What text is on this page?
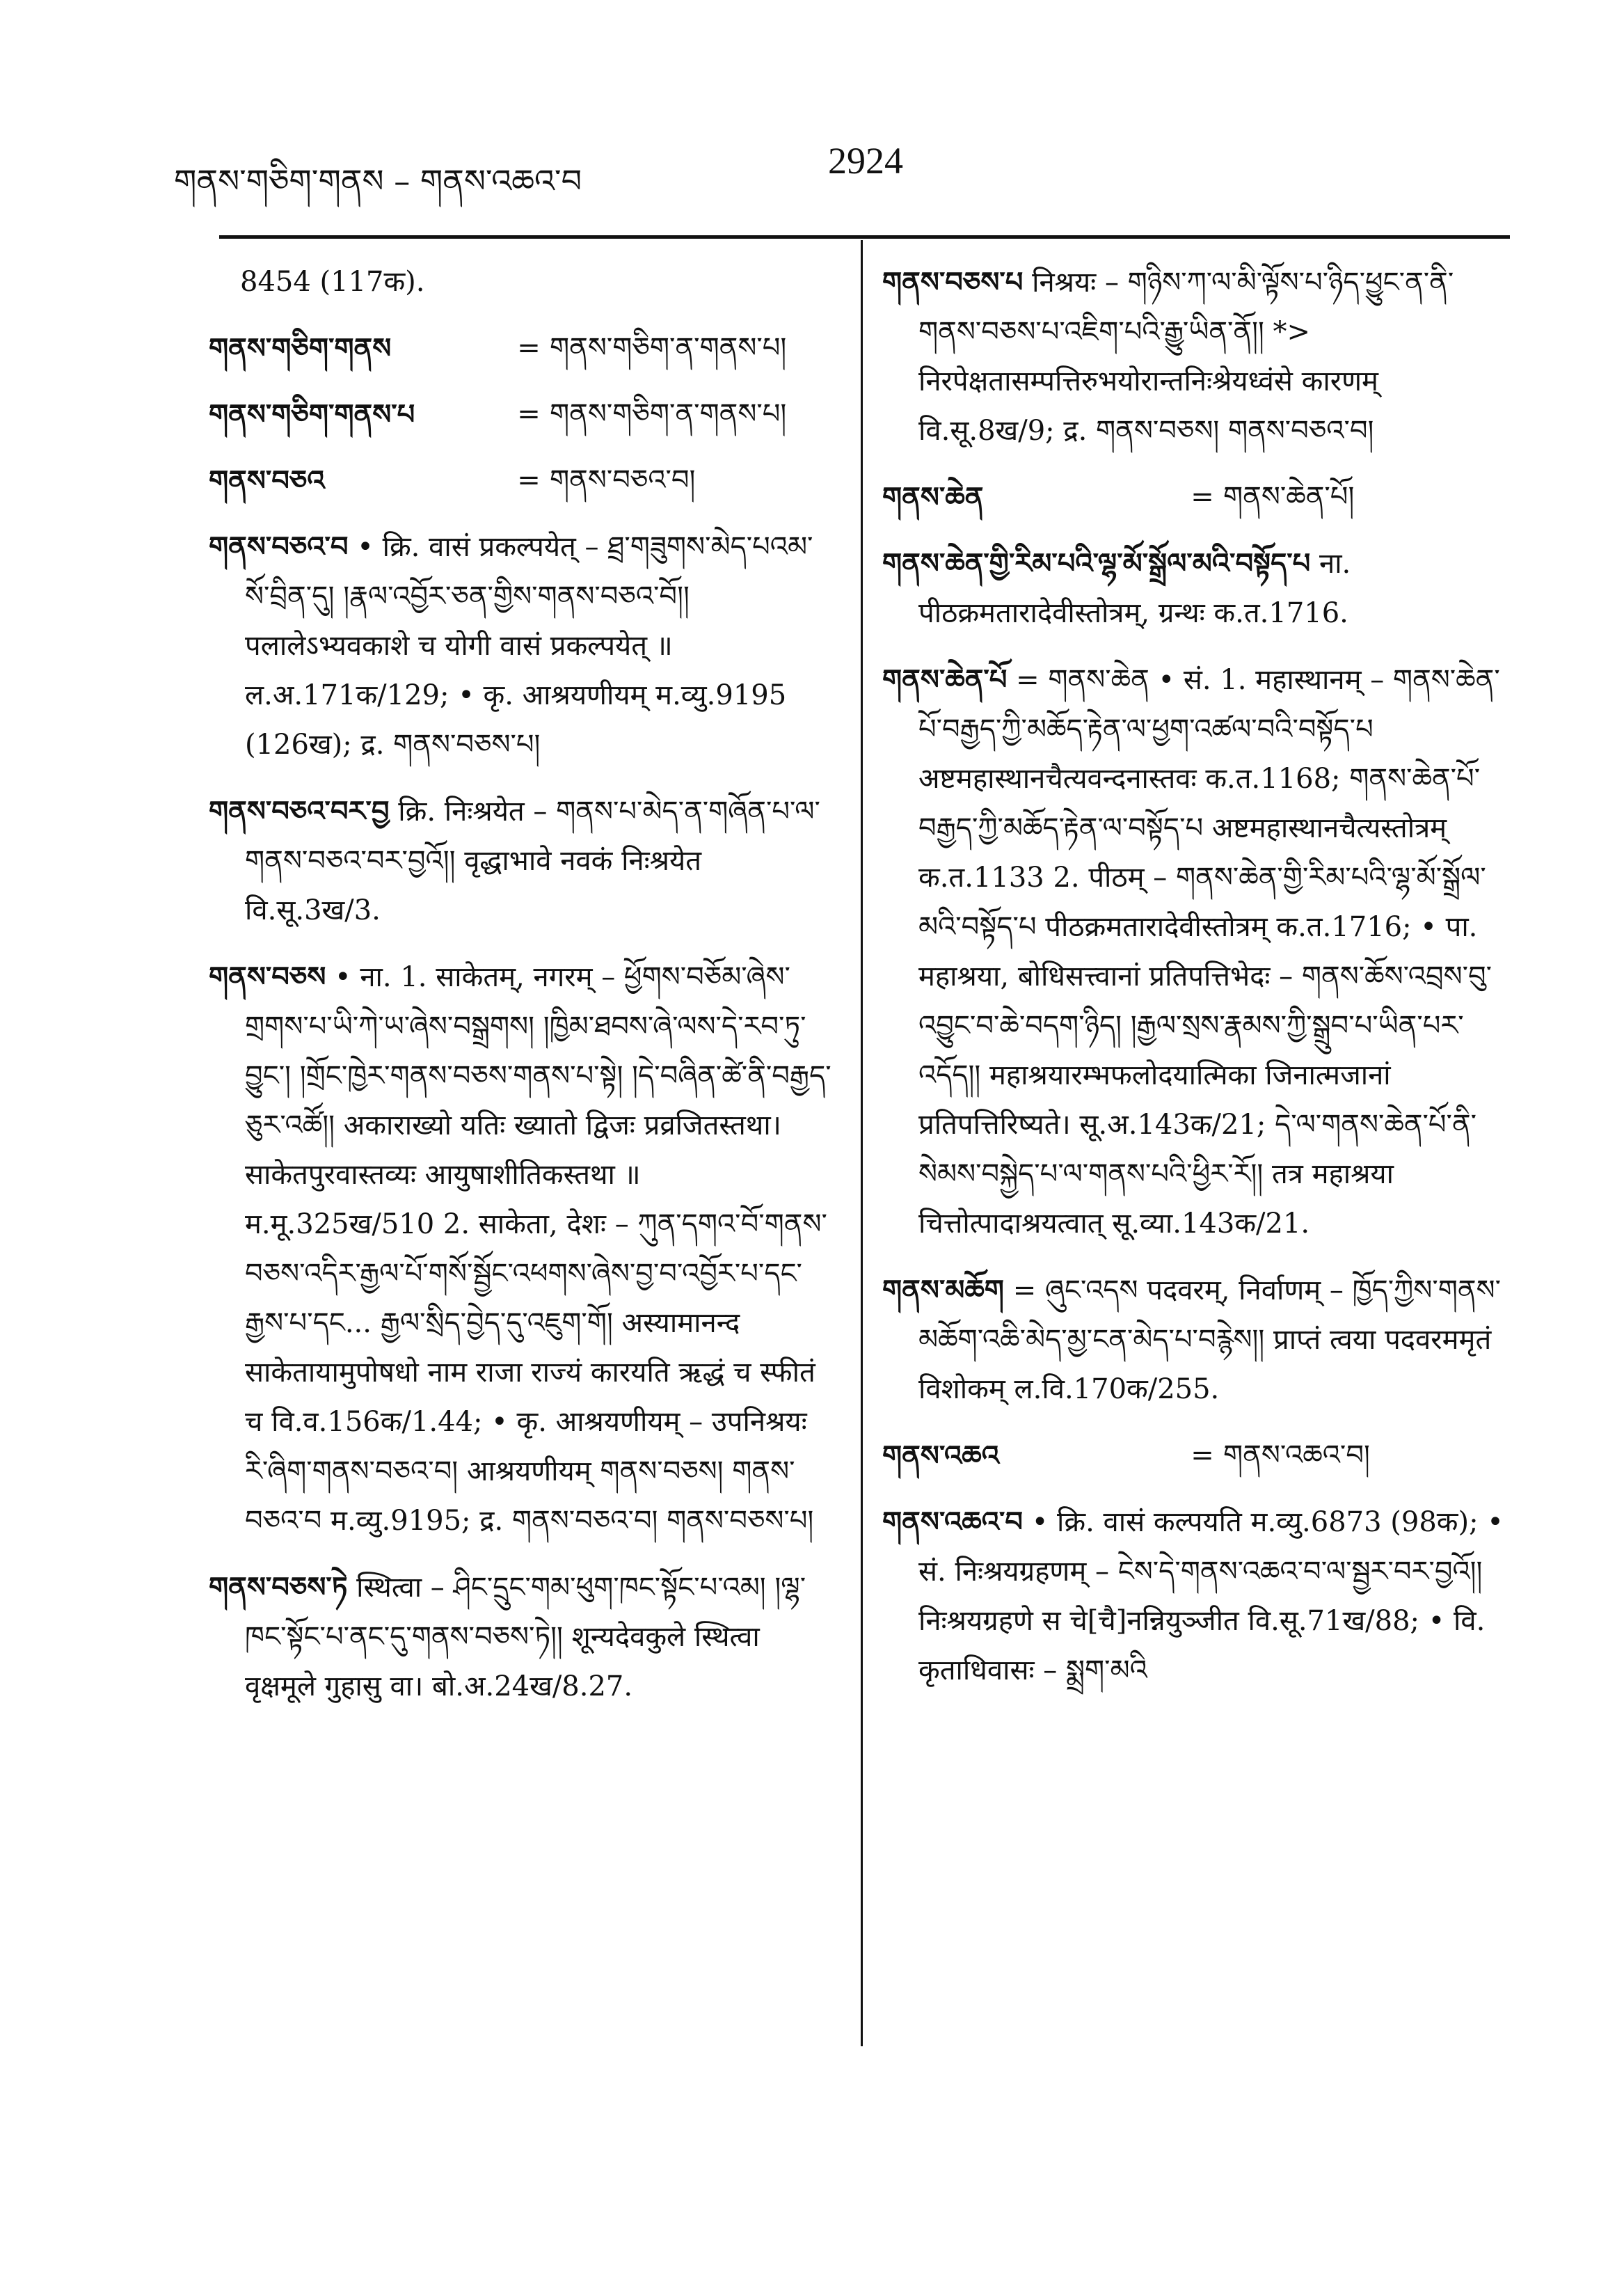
གནས་གཅིག་གནས – གནས་འཆའ་བ	2924

8454 (117क).

གནས་གཅིག་གནས	= གནས་གཅིག་ན་གནས་པ།
གནས་གཅིག་གནས་པ	= གནས་གཅིག་ན་གནས་པ།
གནས་བཅའ	= གནས་བཅའ་བ།

གནས་བཅའ་བ • क्रि. वासं प्रकल्पयेत् – ཐྲ་གཟུགས་མེད་པའམ་སོ་བྲིན་དུ། །རྣལ་འབྱོར་ཅན་གྱིས་གནས་བཅའ་བོ།། पलालेऽभ्यवकाशे च योगी वासं प्रकल्पयेत् ॥ ल.अ.171क/129; • कृ. आश्रयणीयम् म.व्यु.9195 (126ख); द्र. གནས་བཅས་པ།

གནས་བཅའ་བར་བྱ क्रि. निःश्रयेत – གནས་པ་མེད་ན་གཞོན་པ་ལ་གནས་བཅའ་བར་བྱའོ།། वृद्धाभावे नवकं निःश्रयेत वि.सू.3ख/3.

གནས་བཅས • ना. 1. साकेतम्, नगरम् – ཕྱོགས་བཅོམ་ཞེས་གྲགས་པ་ཡི་ཀེ་ཡ་ཞེས་བསྒྲགས། །ཁྱིམ་ཐབས་ཞེ་ལས་དེ་རབ་ཏུ་བྱུང་། །གྲོང་ཁྱེར་གནས་བཅས་གནས་པ་སྟེ། །དེ་བཞིན་ཚེ་ནི་བརྒྱད་ཅུར་འཚོ།། अकाराख्यो यतिः ख्यातो द्विजः प्रव्रजितस्तथा। साकेतपुरवास्तव्यः आयुषाशीतिकस्तथा ॥ म.मू.325ख/510 2. साकेता, देशः – ཀུན་དགའ་བོ་གནས་བཅས་འདིར་རྒྱལ་པོ་གསོ་སྦྱོང་འཕགས་ཞེས་བྱ་བ་འབྱོར་པ་དང་རྒྱས་པ་དང... རྒྱལ་སྲིད་བྱེད་དུ་འཇུག་གོ། अस्यामानन्द साकेतायामुपोषधो नाम राजा राज्यं कारयति ऋद्धं च स्फीतं च वि.व.156क/1.44; • कृ. आश्रयणीयम् – उपनिश्रयः རི་ཞིག་གནས་བཅའ་བ། आश्रयणीयम् གནས་བཅས། གནས་བཅའ་བ म.व्यु.9195; द्र. གནས་བཅའ་བ། གནས་བཅས་པ།

གནས་བཅས་ཏེ स्थित्वा – ཤིང་དྲུང་གམ་ཕུག་ཁང་སྟོང་པ་འམ། །ལྷ་ཁང་སྟོང་པ་ནང་དུ་གནས་བཅས་ཏེ།། शून्यदेवकुले स्थित्वा वृक्षमूले गुहासु वा। बो.अ.24ख/8.27.

གནས་བཅས་པ निश्रयः – གཉིས་ཀ་ལ་མི་ལྟོས་པ་ཉིད་ཕྱུང་ན་ནི་གནས་བཅས་པ་འཇིག་པའི་རྒྱུ་ཡིན་ནོ།། *> निरपेक्षतासम्पत्तिरुभयोरान्तनिःश्रेयध्वंसे कारणम् वि.सू.8ख/9; द्र. གནས་བཅས། གནས་བཅའ་བ།

གནས་ཆེན	= གནས་ཆེན་པོ།

གནས་ཆེན་གྱི་རིམ་པའི་ལྷ་མོ་སྒྲོལ་མའི་བསྟོད་པ ना. पीठक्रमतारादेवीस्तोत्रम्, ग्रन्थः क.त.1716.

གནས་ཆེན་པོ = གནས་ཆེན • सं. 1. महास्थानम् – གནས་ཆེན་པོ་བརྒྱད་ཀྱི་མཆོད་རྟེན་ལ་ཕྱག་འཚལ་བའི་བསྟོད་པ अष्टमहास्थानचैत्यवन्दनास्तवः क.त.1168; གནས་ཆེན་པོ་བརྒྱད་ཀྱི་མཆོད་རྟེན་ལ་བསྟོད་པ अष्टमहास्थानचैत्यस्तोत्रम् क.त.1133 2. पीठम् – གནས་ཆེན་གྱི་རིམ་པའི་ལྷ་མོ་སྒྲོལ་མའི་བསྟོད་པ पीठक्रमतारादेवीस्तोत्रम् क.त.1716; • पा. महाश्रया, बोधिसत्त्वानां प्रतिपत्तिभेदः – གནས་ཆོས་འབྲས་བུ་འབྱུང་བ་ཆེ་བདག་ཉིད། །རྒྱལ་སྲས་རྣམས་ཀྱི་སྒྲུབ་པ་ཡིན་པར་འདོད།། महाश्रयारम्भफलोदयात्मिका जिनात्मजानां प्रतिपत्तिरिष्यते। सू.अ.143क/21; དེ་ལ་གནས་ཆེན་པོ་ནི་སེམས་བསྐྱེད་པ་ལ་གནས་པའི་ཕྱིར་རོ།། तत्र महाश्रया चित्तोत्पादाश्रयत्वात् सू.व्या.143क/21.

གནས་མཆོག = ཞུང་འདས पदवरम्, निर्वाणम् – ཁྱོད་ཀྱིས་གནས་མཆོག་འཆི་མེད་མྱ་ངན་མེད་པ་བརྙེས།། प्राप्तं त्वया पदवरममृतं विशोकम् ल.वि.170क/255.

གནས་འཆའ	= གནས་འཆའ་བ།

གནས་འཆའ་བ • क्रि. वासं कल्पयति म.व्यु.6873 (98क); • सं. निःश्रयग्रहणम् – ངེས་དེ་གནས་འཆའ་བ་ལ་སྦྱར་བར་བྱའོ།། निःश्रयग्रहणे स चे[चै]नन्नियुञ्जीत वि.सू.71ख/88; • वि. कृताधिवासः – སྨྲག་མའི
